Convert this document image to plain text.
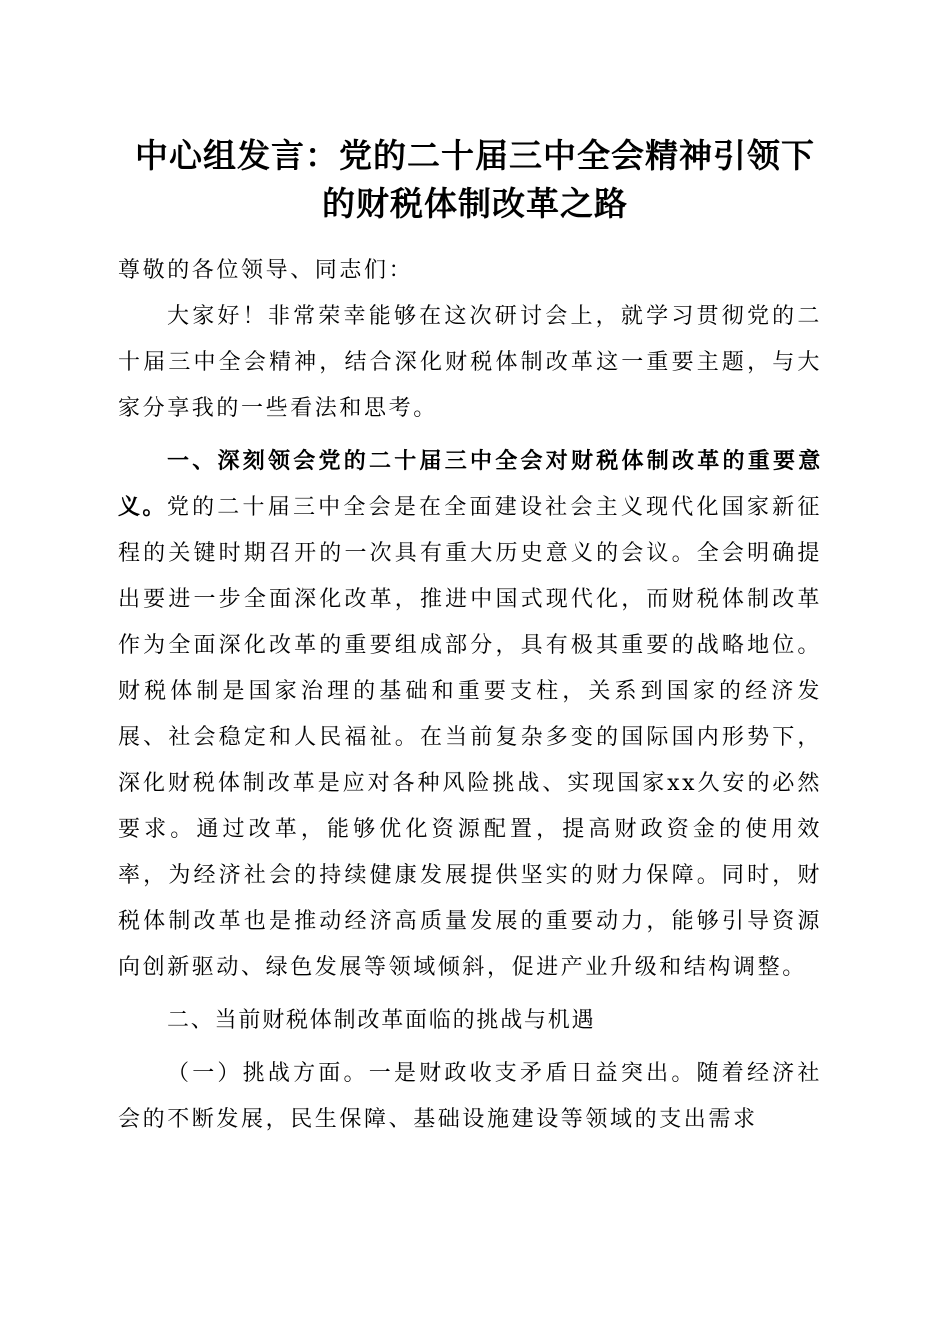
中心组发言：党的二十届三中全会精神引领下
的财税体制改革之路

尊敬的各位领导、同志们：

大家好！非常荣幸能够在这次研讨会上，就学习贯彻党的二十届三中全会精神，结合深化财税体制改革这一重要主题，与大家分享我的一些看法和思考。

一、深刻领会党的二十届三中全会对财税体制改革的重要意义。党的二十届三中全会是在全面建设社会主义现代化国家新征程的关键时期召开的一次具有重大历史意义的会议。全会明确提出要进一步全面深化改革，推进中国式现代化，而财税体制改革作为全面深化改革的重要组成部分，具有极其重要的战略地位。财税体制是国家治理的基础和重要支柱，关系到国家的经济发展、社会稳定和人民福祉。在当前复杂多变的国际国内形势下，深化财税体制改革是应对各种风险挑战、实现国家xx久安的必然要求。通过改革，能够优化资源配置，提高财政资金的使用效率，为经济社会的持续健康发展提供坚实的财力保障。同时，财税体制改革也是推动经济高质量发展的重要动力，能够引导资源向创新驱动、绿色发展等领域倾斜，促进产业升级和结构调整。

二、当前财税体制改革面临的挑战与机遇

（一）挑战方面。一是财政收支矛盾日益突出。随着经济社会的不断发展，民生保障、基础设施建设等领域的支出需求
